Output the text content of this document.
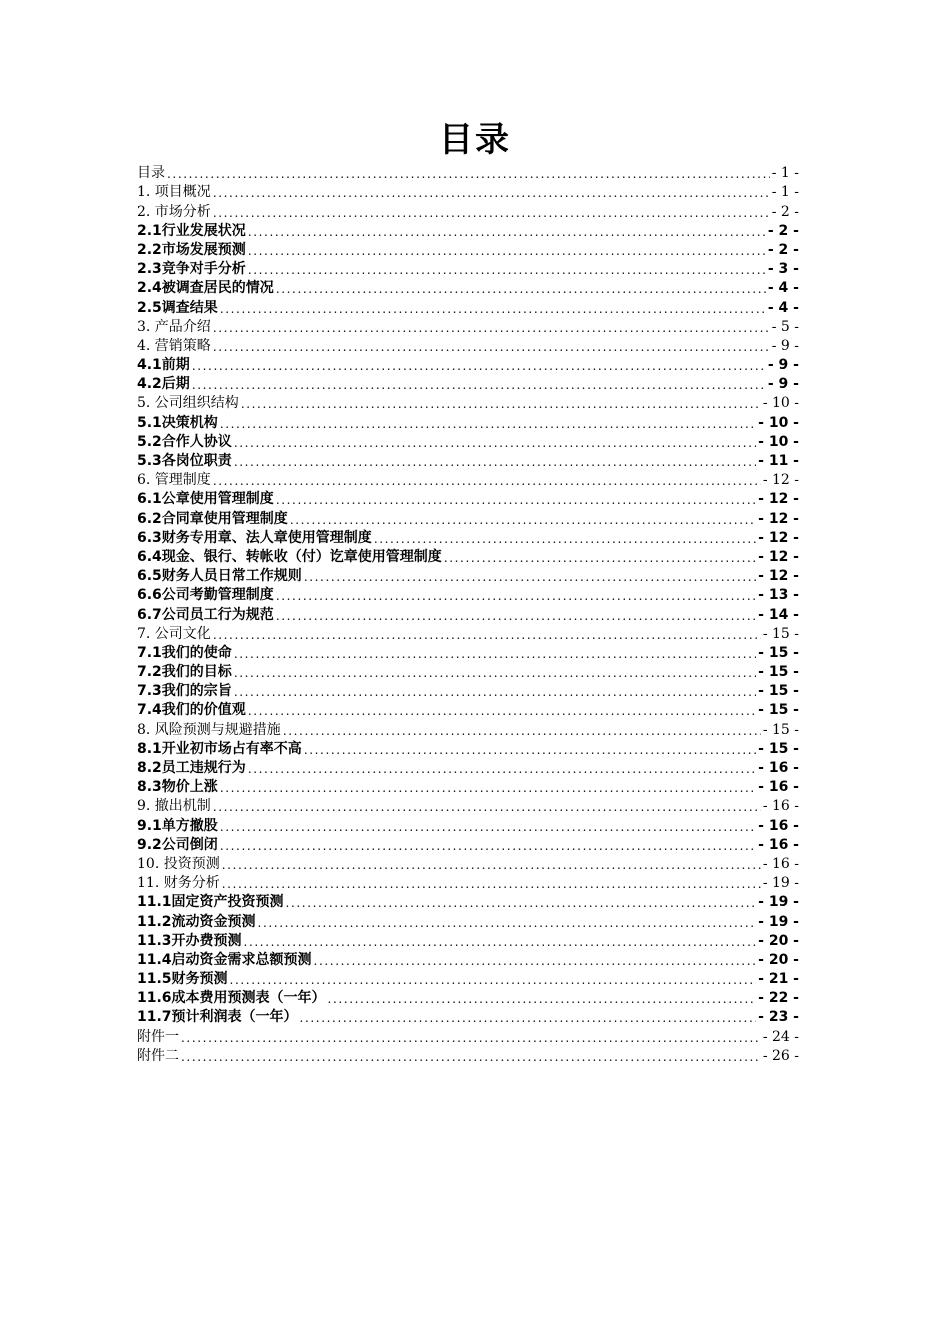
目录
目录 .....	- 1 -
1. 项目概况 .....	- 1 -
2. 市场分析 .....	- 2 -
2.1行业发展状况 .....	- 2 -
2.2市场发展预测 .....	- 2 -
2.3竞争对手分析 .....	- 3 -
2.4被调查居民的情况 .....	- 4 -
2.5调查结果 .....	- 4 -
3. 产品介绍 .....	- 5 -
4. 营销策略 .....	- 9 -
4.1前期 .....	- 9 -
4.2后期 .....	- 9 -
5. 公司组织结构 .....	- 10 -
5.1决策机构 .....	- 10 -
5.2合作人协议 .....	- 10 -
5.3各岗位职责 .....	- 11 -
6. 管理制度 .....	- 12 -
6.1公章使用管理制度 .....	- 12 -
6.2合同章使用管理制度 .....	- 12 -
6.3财务专用章、法人章使用管理制度 .....	- 12 -
6.4现金、银行、转帐收（付）讫章使用管理制度 .....	- 12 -
6.5财务人员日常工作规则 .....	- 12 -
6.6公司考勤管理制度 .....	- 13 -
6.7公司员工行为规范 .....	- 14 -
7. 公司文化 .....	- 15 -
7.1我们的使命 .....	- 15 -
7.2我们的目标 .....	- 15 -
7.3我们的宗旨 .....	- 15 -
7.4我们的价值观 .....	- 15 -
8. 风险预测与规避措施 .....	- 15 -
8.1开业初市场占有率不高 .....	- 15 -
8.2员工违规行为 .....	- 16 -
8.3物价上涨 .....	- 16 -
9. 撤出机制 .....	- 16 -
9.1单方撤股 .....	- 16 -
9.2公司倒闭 .....	- 16 -
10. 投资预测 .....	- 16 -
11. 财务分析 .....	- 19 -
11.1固定资产投资预测 .....	- 19 -
11.2流动资金预测 .....	- 19 -
11.3开办费预测 .....	- 20 -
11.4启动资金需求总额预测 .....	- 20 -
11.5财务预测 .....	- 21 -
11.6成本费用预测表（一年） .....	- 22 -
11.7预计利润表（一年） .....	- 23 -
附件一 .....	- 24 -
附件二 .....	- 26 -
